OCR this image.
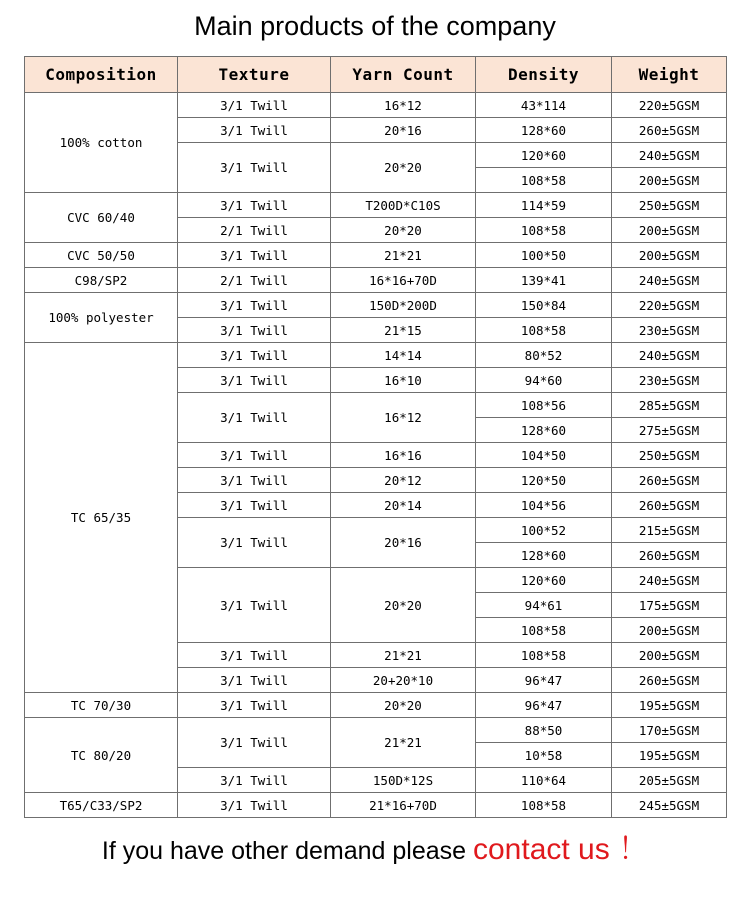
Main products of the company
Composition	Texture	Yarn Count	Density	Weight
100% cotton	3/1 Twill	16*12	43*114	220±5GSM
	3/1 Twill	20*16	128*60	260±5GSM
	3/1 Twill	20*20	120*60	240±5GSM
			108*58	200±5GSM
CVC 60/40	3/1 Twill	T200D*C10S	114*59	250±5GSM
	2/1 Twill	20*20	108*58	200±5GSM
CVC 50/50	3/1 Twill	21*21	100*50	200±5GSM
C98/SP2	2/1 Twill	16*16+70D	139*41	240±5GSM
100% polyester	3/1 Twill	150D*200D	150*84	220±5GSM
	3/1 Twill	21*15	108*58	230±5GSM
TC 65/35	3/1 Twill	14*14	80*52	240±5GSM
	3/1 Twill	16*10	94*60	230±5GSM
	3/1 Twill	16*12	108*56	285±5GSM
			128*60	275±5GSM
	3/1 Twill	16*16	104*50	250±5GSM
	3/1 Twill	20*12	120*50	260±5GSM
	3/1 Twill	20*14	104*56	260±5GSM
	3/1 Twill	20*16	100*52	215±5GSM
			128*60	260±5GSM
	3/1 Twill	20*20	120*60	240±5GSM
			94*61	175±5GSM
			108*58	200±5GSM
	3/1 Twill	21*21	108*58	200±5GSM
	3/1 Twill	20+20*10	96*47	260±5GSM
TC 70/30	3/1 Twill	20*20	96*47	195±5GSM
TC 80/20	3/1 Twill	21*21	88*50	170±5GSM
			10*58	195±5GSM
	3/1 Twill	150D*12S	110*64	205±5GSM
T65/C33/SP2	3/1 Twill	21*16+70D	108*58	245±5GSM
If you have other demand please contact us ！
